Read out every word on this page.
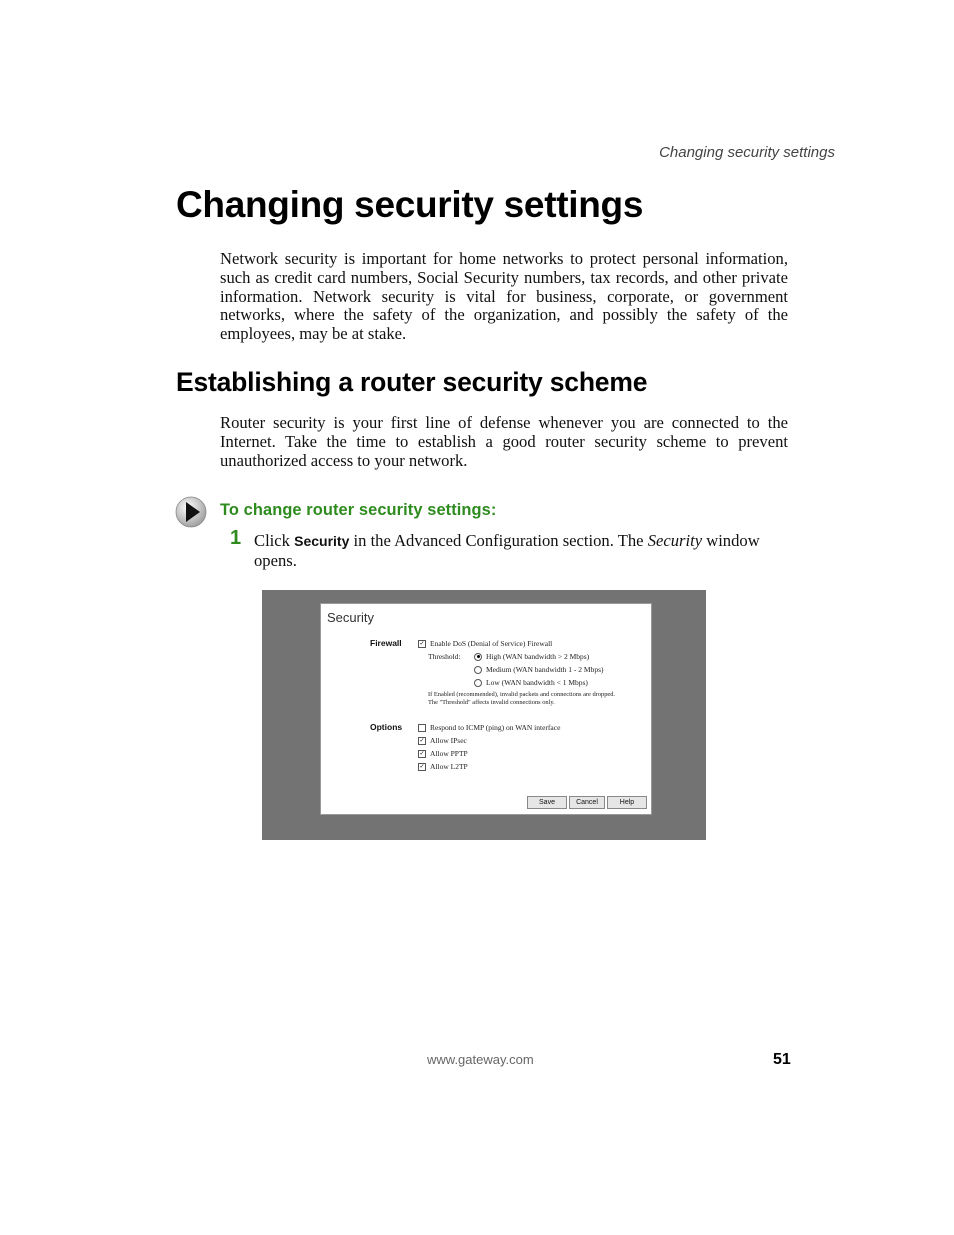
Changing security settings
Changing security settings

Network security is important for home networks to protect personal information, such as credit card numbers, Social Security numbers, tax records, and other private information. Network security is vital for business, corporate, or government networks, where the safety of the organization, and possibly the safety of the employees, may be at stake.

Establishing a router security scheme

Router security is your first line of defense whenever you are connected to the Internet. Take the time to establish a good router security scheme to prevent unauthorized access to your network.

To change router security settings:
1 Click Security in the Advanced Configuration section. The Security window opens.

Security
Firewall	✓ Enable DoS (Denial of Service) Firewall
Threshold:	High (WAN bandwidth > 2 Mbps)
Medium (WAN bandwidth 1 - 2 Mbps)
Low (WAN bandwidth < 1 Mbps)
If Enabled (recommended), invalid packets and connections are dropped.
The "Threshold" affects invalid connections only.
Options	Respond to ICMP (ping) on WAN interface
✓ Allow IPsec
✓ Allow PPTP
✓ Allow L2TP
Save	Cancel	Help
www.gateway.com	51
